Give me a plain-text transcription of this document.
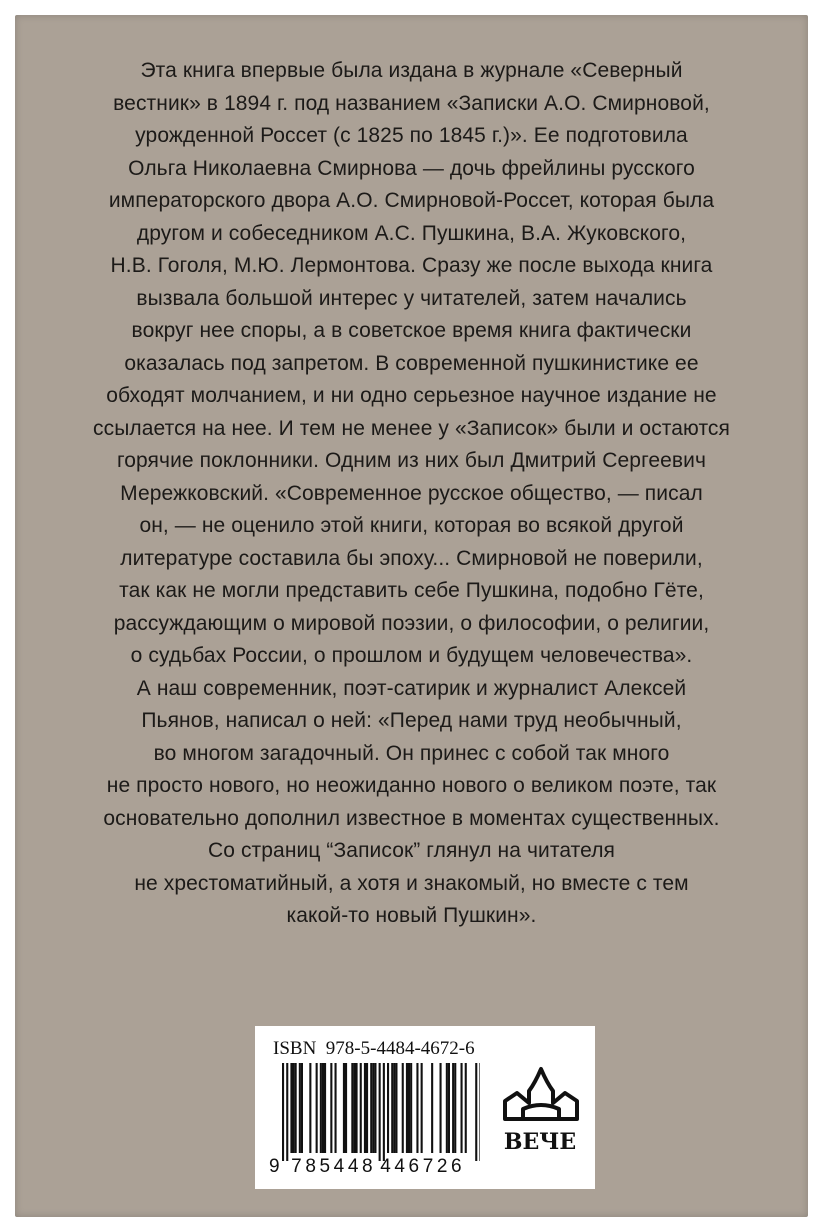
Эта книга впервые была издана в журнале «Северный
вестник» в 1894 г. под названием «Записки А.О. Смирновой,
урожденной Россет (с 1825 по 1845 г.)». Ее подготовила
Ольга Николаевна Смирнова — дочь фрейлины русского
императорского двора А.О. Смирновой-Россет, которая была
другом и собеседником А.С. Пушкина, В.А. Жуковского,
Н.В. Гоголя, М.Ю. Лермонтова. Сразу же после выхода книга
вызвала большой интерес у читателей, затем начались
вокруг нее споры, а в советское время книга фактически
оказалась под запретом. В современной пушкинистике ее
обходят молчанием, и ни одно серьезное научное издание не
ссылается на нее. И тем не менее у «Записок» были и остаются
горячие поклонники. Одним из них был Дмитрий Сергеевич
Мережковский. «Современное русское общество, — писал
он, — не оценило этой книги, которая во всякой другой
литературе составила бы эпоху... Смирновой не поверили,
так как не могли представить себе Пушкина, подобно Гёте,
рассуждающим о мировой поэзии, о философии, о религии,
о судьбах России, о прошлом и будущем человечества».
А наш современник, поэт-сатирик и журналист Алексей
Пьянов, написал о ней: «Перед нами труд необычный,
во многом загадочный. Он принес с собой так много
не просто нового, но неожиданно нового о великом поэте, так
основательно дополнил известное в моментах существенных.
Со страниц “Записок” глянул на читателя
не хрестоматийный, а хотя и знакомый, но вместе с тем
какой-то новый Пушкин».
ISBN 978-5-4484-4672-6
9 785448 446726
ВЕЧЕ
